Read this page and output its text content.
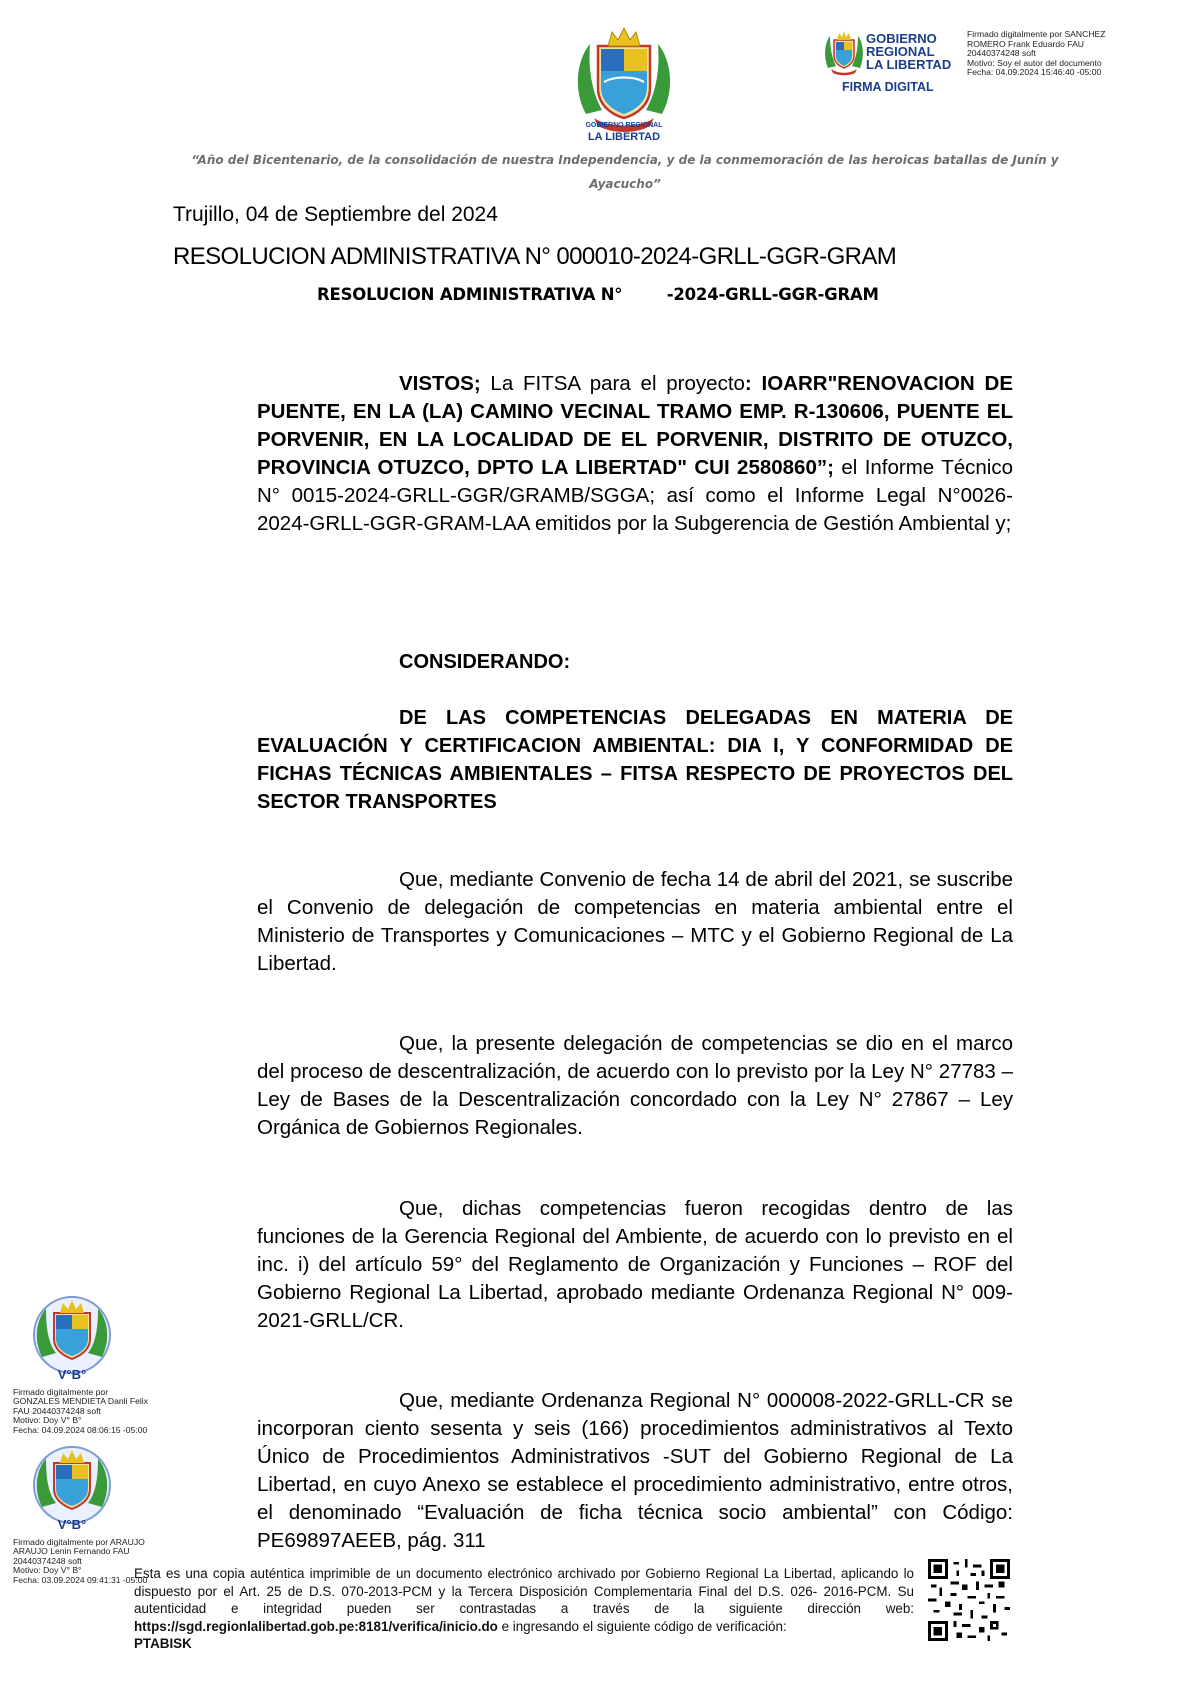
GOBIERNO REGIONAL
LA LIBERTAD
GOBIERNO
REGIONAL
LA LIBERTAD
FIRMA DIGITAL
Firmado digitalmente por SANCHEZ
ROMERO Frank Eduardo FAU
20440374248 soft
Motivo: Soy el autor del documento
Fecha: 04.09.2024 15:46:40 -05:00
“Año del Bicentenario, de la consolidación de nuestra Independencia, y de la conmemoración de las heroicas batallas de Junín y Ayacucho”
Trujillo, 04 de Septiembre del 2024
RESOLUCION ADMINISTRATIVA N° 000010-2024-GRLL-GGR-GRAM
RESOLUCION ADMINISTRATIVA N°        -2024-GRLL-GGR-GRAM
VISTOS; La FITSA para el proyecto: IOARR"RENOVACION DE PUENTE, EN LA (LA) CAMINO VECINAL TRAMO EMP. R-130606, PUENTE EL PORVENIR, EN LA LOCALIDAD DE EL PORVENIR, DISTRITO DE OTUZCO, PROVINCIA OTUZCO, DPTO LA LIBERTAD" CUI 2580860”; el Informe Técnico N° 0015-2024-GRLL-GGR/GRAMB/SGGA; así como el Informe Legal N°0026-2024-GRLL-GGR-GRAM-LAA emitidos por la Subgerencia de Gestión Ambiental y;
CONSIDERANDO:
DE LAS COMPETENCIAS DELEGADAS EN MATERIA DE EVALUACIÓN Y CERTIFICACION AMBIENTAL: DIA I, Y CONFORMIDAD DE FICHAS TÉCNICAS AMBIENTALES – FITSA RESPECTO DE PROYECTOS DEL SECTOR TRANSPORTES
Que, mediante Convenio de fecha 14 de abril del 2021, se suscribe el Convenio de delegación de competencias en materia ambiental entre el Ministerio de Transportes y Comunicaciones – MTC y el Gobierno Regional de La Libertad.
Que, la presente delegación de competencias se dio en el marco del proceso de descentralización, de acuerdo con lo previsto por la Ley N° 27783 – Ley de Bases de la Descentralización concordado con la Ley N° 27867 – Ley Orgánica de Gobiernos Regionales.
Que, dichas competencias fueron recogidas dentro de las funciones de la Gerencia Regional del Ambiente, de acuerdo con lo previsto en el inc. i) del artículo 59° del Reglamento de Organización y Funciones – ROF del Gobierno Regional La Libertad, aprobado mediante Ordenanza Regional N° 009-2021-GRLL/CR.
Que, mediante Ordenanza Regional N° 000008-2022-GRLL-CR se incorporan ciento sesenta y seis (166) procedimientos administrativos al Texto Único de Procedimientos Administrativos -SUT del Gobierno Regional de La Libertad, en cuyo Anexo se establece el procedimiento administrativo, entre otros, el denominado “Evaluación de ficha técnica socio ambiental” con Código: PE69897AEEB, pág. 311
V°B°
Firmado digitalmente por
GONZALES MENDIETA Danli Felix
FAU 20440374248 soft
Motivo: Doy V° B°
Fecha: 04.09.2024 08:06:15 -05:00
V°B°
Firmado digitalmente por ARAUJO
ARAUJO Lenin Fernando FAU
20440374248 soft
Motivo: Doy V° B°
Fecha: 03.09.2024 09:41:31 -05:00
Esta es una copia auténtica imprimible de un documento electrónico archivado por Gobierno Regional La Libertad, aplicando lo dispuesto por el Art. 25 de D.S. 070-2013-PCM y la Tercera Disposición Complementaria Final del D.S. 026- 2016-PCM. Su autenticidad e integridad pueden ser contrastadas a través de la siguiente dirección web: https://sgd.regionlalibertad.gob.pe:8181/verifica/inicio.do e ingresando el siguiente código de verificación:
PTABISK
